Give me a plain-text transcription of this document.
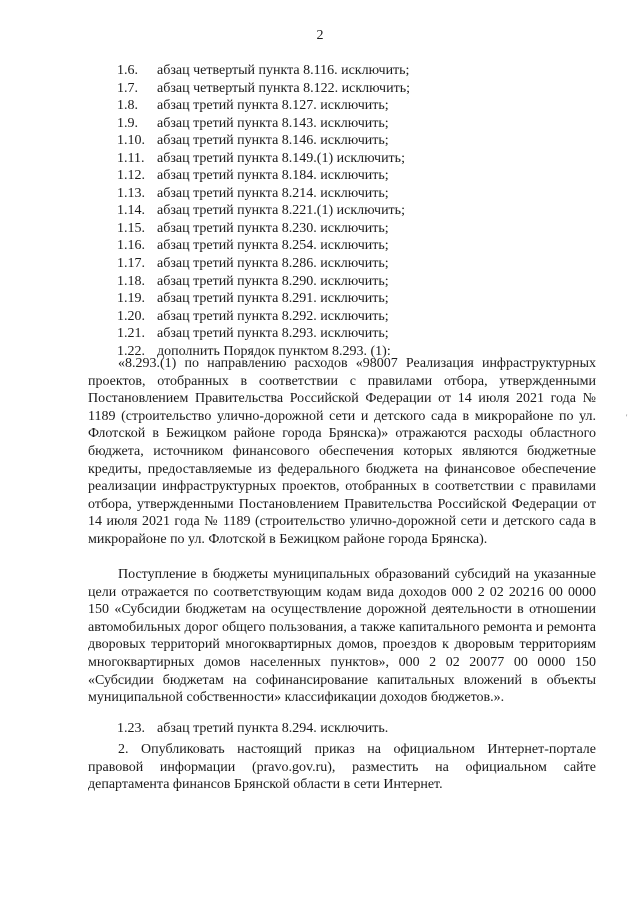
2
1.6. абзац четвертый пункта 8.116. исключить;
1.7. абзац четвертый пункта 8.122. исключить;
1.8. абзац третий пункта 8.127. исключить;
1.9. абзац третий пункта 8.143. исключить;
1.10. абзац третий пункта 8.146. исключить;
1.11. абзац третий пункта 8.149.(1) исключить;
1.12. абзац третий пункта 8.184. исключить;
1.13. абзац третий пункта 8.214. исключить;
1.14. абзац третий пункта 8.221.(1) исключить;
1.15. абзац третий пункта 8.230. исключить;
1.16. абзац третий пункта 8.254. исключить;
1.17. абзац третий пункта 8.286. исключить;
1.18. абзац третий пункта 8.290. исключить;
1.19. абзац третий пункта 8.291. исключить;
1.20. абзац третий пункта 8.292. исключить;
1.21. абзац третий пункта 8.293. исключить;
1.22. дополнить Порядок пунктом 8.293. (1):

«8.293.(1) по направлению расходов «98007 Реализация инфраструктурных проектов, отобранных в соответствии с правилами отбора, утвержденными Постановлением Правительства Российской Федерации от 14 июля 2021 года № 1189 (строительство улично-дорожной сети и детского сада в микрорайоне по ул. Флотской в Бежицком районе города Брянска)» отражаются расходы областного бюджета, источником финансового обеспечения которых являются бюджетные кредиты, предоставляемые из федерального бюджета на финансовое обеспечение реализации инфраструктурных проектов, отобранных в соответствии с правилами отбора, утвержденными Постановлением Правительства Российской Федерации от 14 июля 2021 года № 1189 (строительство улично-дорожной сети и детского сада в микрорайоне по ул. Флотской в Бежицком районе города Брянска).

Поступление в бюджеты муниципальных образований субсидий на указанные цели отражается по соответствующим кодам вида доходов 000 2 02 20216 00 0000 150 «Субсидии бюджетам на осуществление дорожной деятельности в отношении автомобильных дорог общего пользования, а также капитального ремонта и ремонта дворовых территорий многоквартирных домов, проездов к дворовым территориям многоквартирных домов населенных пунктов», 000 2 02 20077 00 0000 150 «Субсидии бюджетам на софинансирование капитальных вложений в объекты муниципальной собственности» классификации доходов бюджетов.».

1.23. абзац третий пункта 8.294. исключить.

2. Опубликовать настоящий приказ на официальном Интернет-портале правовой информации (pravo.gov.ru), разместить на официальном сайте департамента финансов Брянской области в сети Интернет.

'
